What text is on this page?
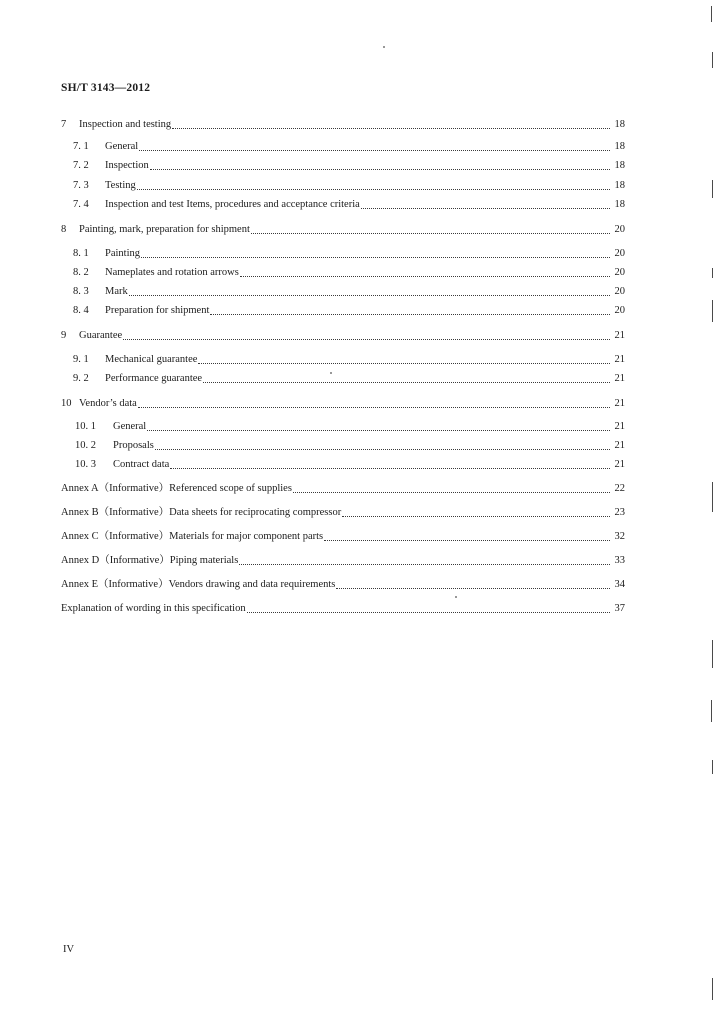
SH/T 3143—2012
7	Inspection and testing	18
7. 1	General	18
7. 2	Inspection	18
7. 3	Testing	18
7. 4	Inspection and test Items, procedures and acceptance criteria	18
8	Painting, mark, preparation for shipment	20
8. 1	Painting	20
8. 2	Nameplates and rotation arrows	20
8. 3	Mark	20
8. 4	Preparation for shipment	20
9	Guarantee	21
9. 1	Mechanical guarantee	21
9. 2	Performance guarantee	21
10 Vendor’s data	21
10. 1	General	21
10. 2	Proposals	21
10. 3	Contract data	21
Annex A（Informative）Referenced scope of supplies	22
Annex B（Informative）Data sheets for reciprocating compressor	23
Annex C（Informative）Materials for major component parts	32
Annex D（Informative）Piping materials	33
Annex E（Informative）Vendors drawing and data requirements	34
Explanation of wording in this specification	37
IV
